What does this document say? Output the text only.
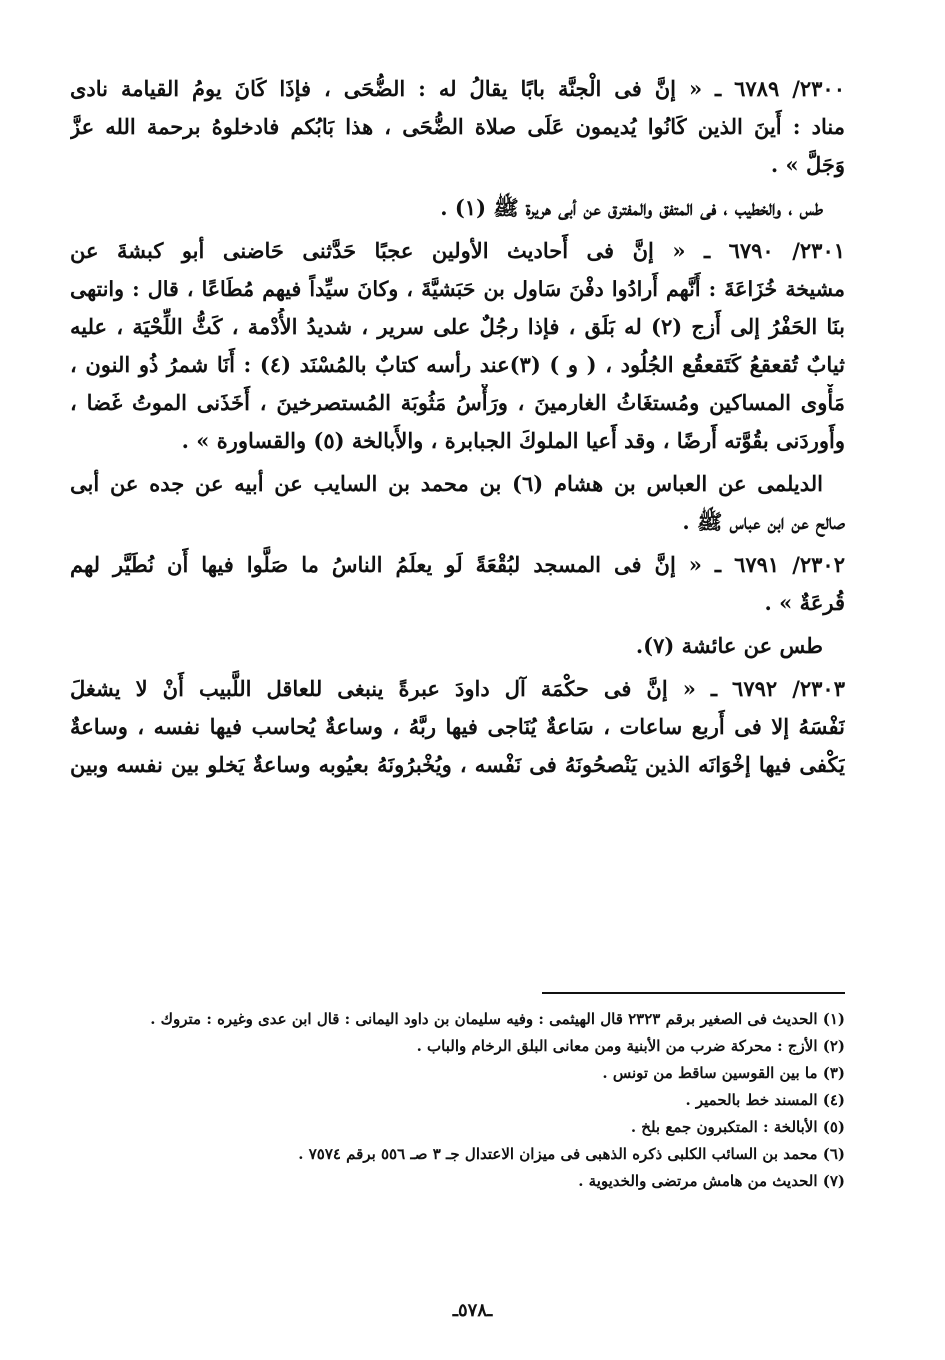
٢٣٠٠/ ٦٧٨٩ ـ « إنَّ فى الْجنَّة بابًا يقالُ له : الضُّحَى ، فإذَا كَانَ يومُ القيامة نادى
مناد : أَينَ الذين كَانُوا يُديمون عَلَى صلاة الضُّحَى ، هذا بَابُكم فادخلوهُ برحمة الله عزَّ
وَجَلَّ » .
طس ، والخطيب ، فى المتفق والمفترق عن أبى هريرة ﷺ (١) .
٢٣٠١/ ٦٧٩٠ ـ « إنَّ فى أَحاديث الأولين عجبًا حَدَّثنى حَاضنى أبو كبشةَ عن
مشيخة خُزَاعَةَ : أَنَّهم أَرادُوا دفْنَ سَاول بن حَبَشيَّةَ ، وكانَ سيِّداً فيهم مُطَاعًا ، قال : وانتهى
بنَا الحَفْرُ إلى أَزج (٢) له بَلَق ، فإذا رجُلٌ على سرير ، شديدُ الأُدْمة ، كَثُّ اللِّحْيَة ، عليه
ثيابٌ تُقعقعُ كَتَقعقُع الجُلُود ، ( و ) (٣)عند رأسه كتابٌ بالمُسْنَد (٤) : أَنَا شمرُ ذُو النون ،
مَأْوى المساكين ومُستغَاثُ الغارمينَ ، ورَأْسُ مَثُوبَة المُستصرخينَ ، أَخَذَنى الموتُ غَضا ،
وأَوردَنى بقُوَّته أَرضًا ، وقد أَعيا الملوكَ الجبابرة ، والأَبالخة (٥) والقساورة » .
الديلمى عن العباس بن هشام (٦) بن محمد بن السايب عن أبيه عن جده عن أبى
صالح عن ابن عباس ﷺ .
٢٣٠٢/ ٦٧٩١ ـ « إنَّ فى المسجد لبُقْعَةً لَو يعلَمُ الناسُ ما صَلَّوا فيها أَن نُطَيَّر لهم
قُرعَةٌ » .
طس عن عائشة (٧).
٢٣٠٣/ ٦٧٩٢ ـ « إنَّ فى حكْمَة آل داودَ عبرةً ينبغى للعاقل اللَّبيب أَنْ لا يشغلَ
نَفْسَهُ إلا فى أَربع ساعات ، سَاعةٌ يُنَاجى فيها ربَّهُ ، وساعةٌ يُحاسب فيها نفسه ، وساعةٌ
يَكْفى فيها إخْوَانَه الذين يَنْصحُونَهُ فى نَفْسه ، ويُخْبرُونَهُ بعيُوبه وساعةٌ يَخلو بين نفسه وبين
(١) الحديث فى الصغير برقم ٢٣٢٣ قال الهيثمى : وفيه سليمان بن داود اليمانى : قال ابن عدى وغيره : متروك .
(٢) الأزج : محركة ضرب من الأبنية ومن معانى البلق الرخام والباب .
(٣) ما بين القوسين ساقط من تونس .
(٤) المسند خط بالحمير .
(٥) الأبالخة : المتكبرون جمع بلخ .
(٦) محمد بن السائب الكلبى ذكره الذهبى فى ميزان الاعتدال جـ ٣ صـ ٥٥٦ برقم ٧٥٧٤ .
(٧) الحديث من هامش مرتضى والخديوية .
ـ٥٧٨ـ
